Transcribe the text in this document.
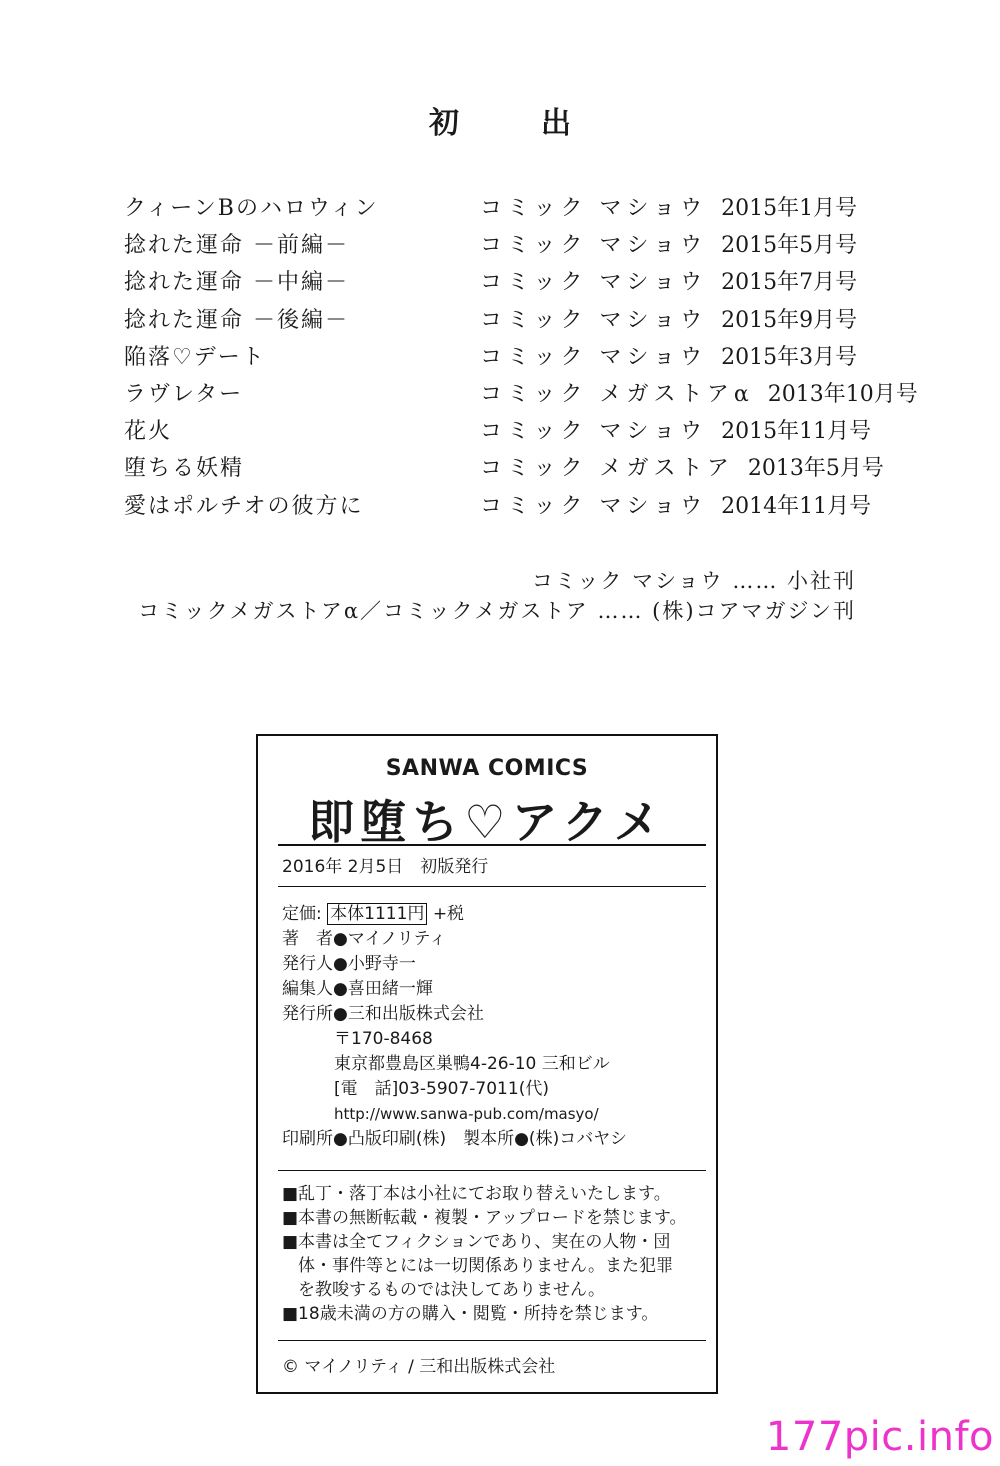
初　出
クィーンBのハロウィン	コミック マショウ 2015年1月号
捻れた運命 －前編－	コミック マショウ 2015年5月号
捻れた運命 －中編－	コミック マショウ 2015年7月号
捻れた運命 －後編－	コミック マショウ 2015年9月号
陥落♡デート	コミック マショウ 2015年3月号
ラヴレター	コミック メガストアα 2013年10月号
花火	コミック マショウ 2015年11月号
堕ちる妖精	コミック メガストア 2013年5月号
愛はポルチオの彼方に	コミック マショウ 2014年11月号
コミック マショウ …… 小社刊
コミックメガストアα／コミックメガストア …… (株)コアマガジン刊
SANWA COMICS
即堕ち♡アクメ
2016年 2月5日　初版発行
定価: 本体1111円 +税
著　者●マイノリティ
発行人●小野寺一
編集人●喜田緒一輝
発行所●三和出版株式会社
〒170-8468
東京都豊島区巣鴨4-26-10 三和ビル
[電　話]03-5907-7011(代)
http://www.sanwa-pub.com/masyo/
印刷所●凸版印刷(株)　製本所●(株)コバヤシ
■乱丁・落丁本は小社にてお取り替えいたします。
■本書の無断転載・複製・アップロードを禁じます。
■本書は全てフィクションであり、実在の人物・団
体・事件等とには一切関係ありません。また犯罪
を教唆するものでは決してありません。
■18歳未満の方の購入・閲覧・所持を禁じます。
© マイノリティ / 三和出版株式会社
177pic.info
